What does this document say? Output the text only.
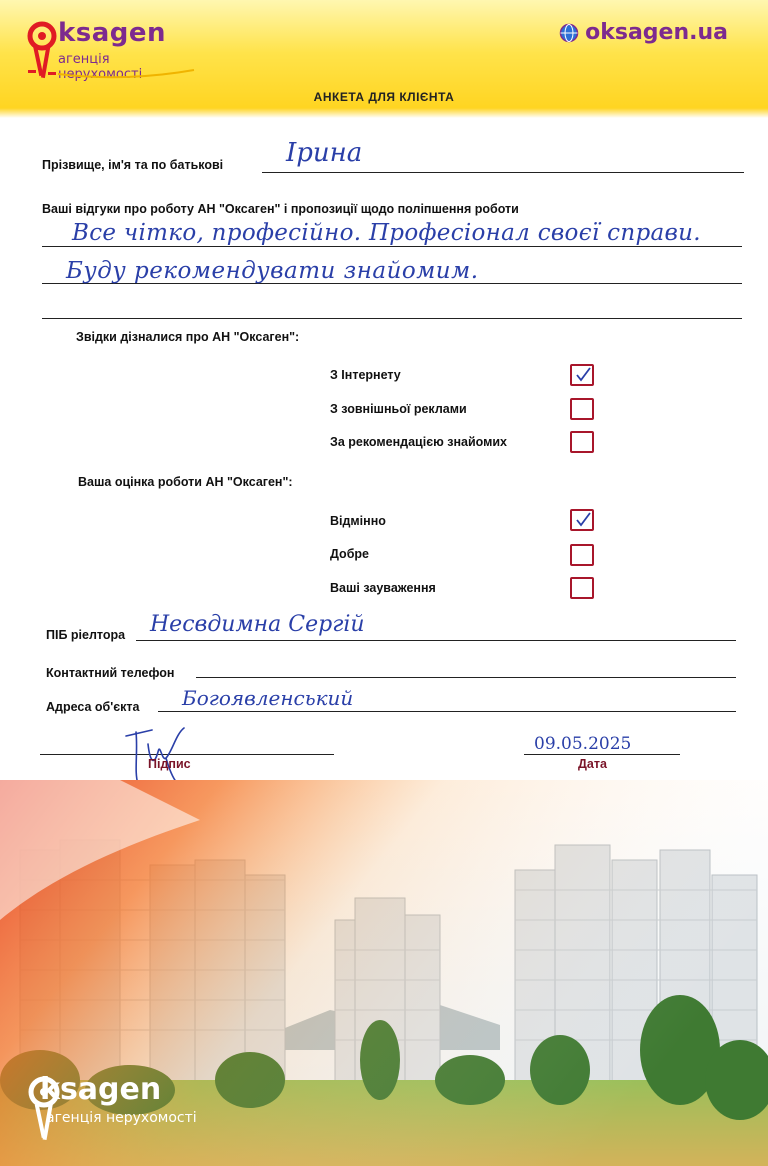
ksagen
агенція нерухомості
oksagen.ua
АНКЕТА ДЛЯ КЛІЄНТА
Прізвище, ім'я та по батькові Ірина
Ваші відгуки про роботу АН "Оксаген" і пропозиції щодо поліпшення роботи
Все чітко, професійно. Професіонал своєї справи.
Буду рекомендувати знайомим.
Звідки дізналися про АН "Оксаген":
З Інтернету
З зовнішньої реклами
За рекомендацією знайомих
Ваша оцінка роботи АН "Оксаген":
Відмінно
Добре
Ваші зауваження
ПІБ ріелтора Несвдимна Сергій
Контактний телефон
Адреса об'єкта Богоявленський
Підпис
09.05.2025
Дата
ksagen
агенція нерухомості
